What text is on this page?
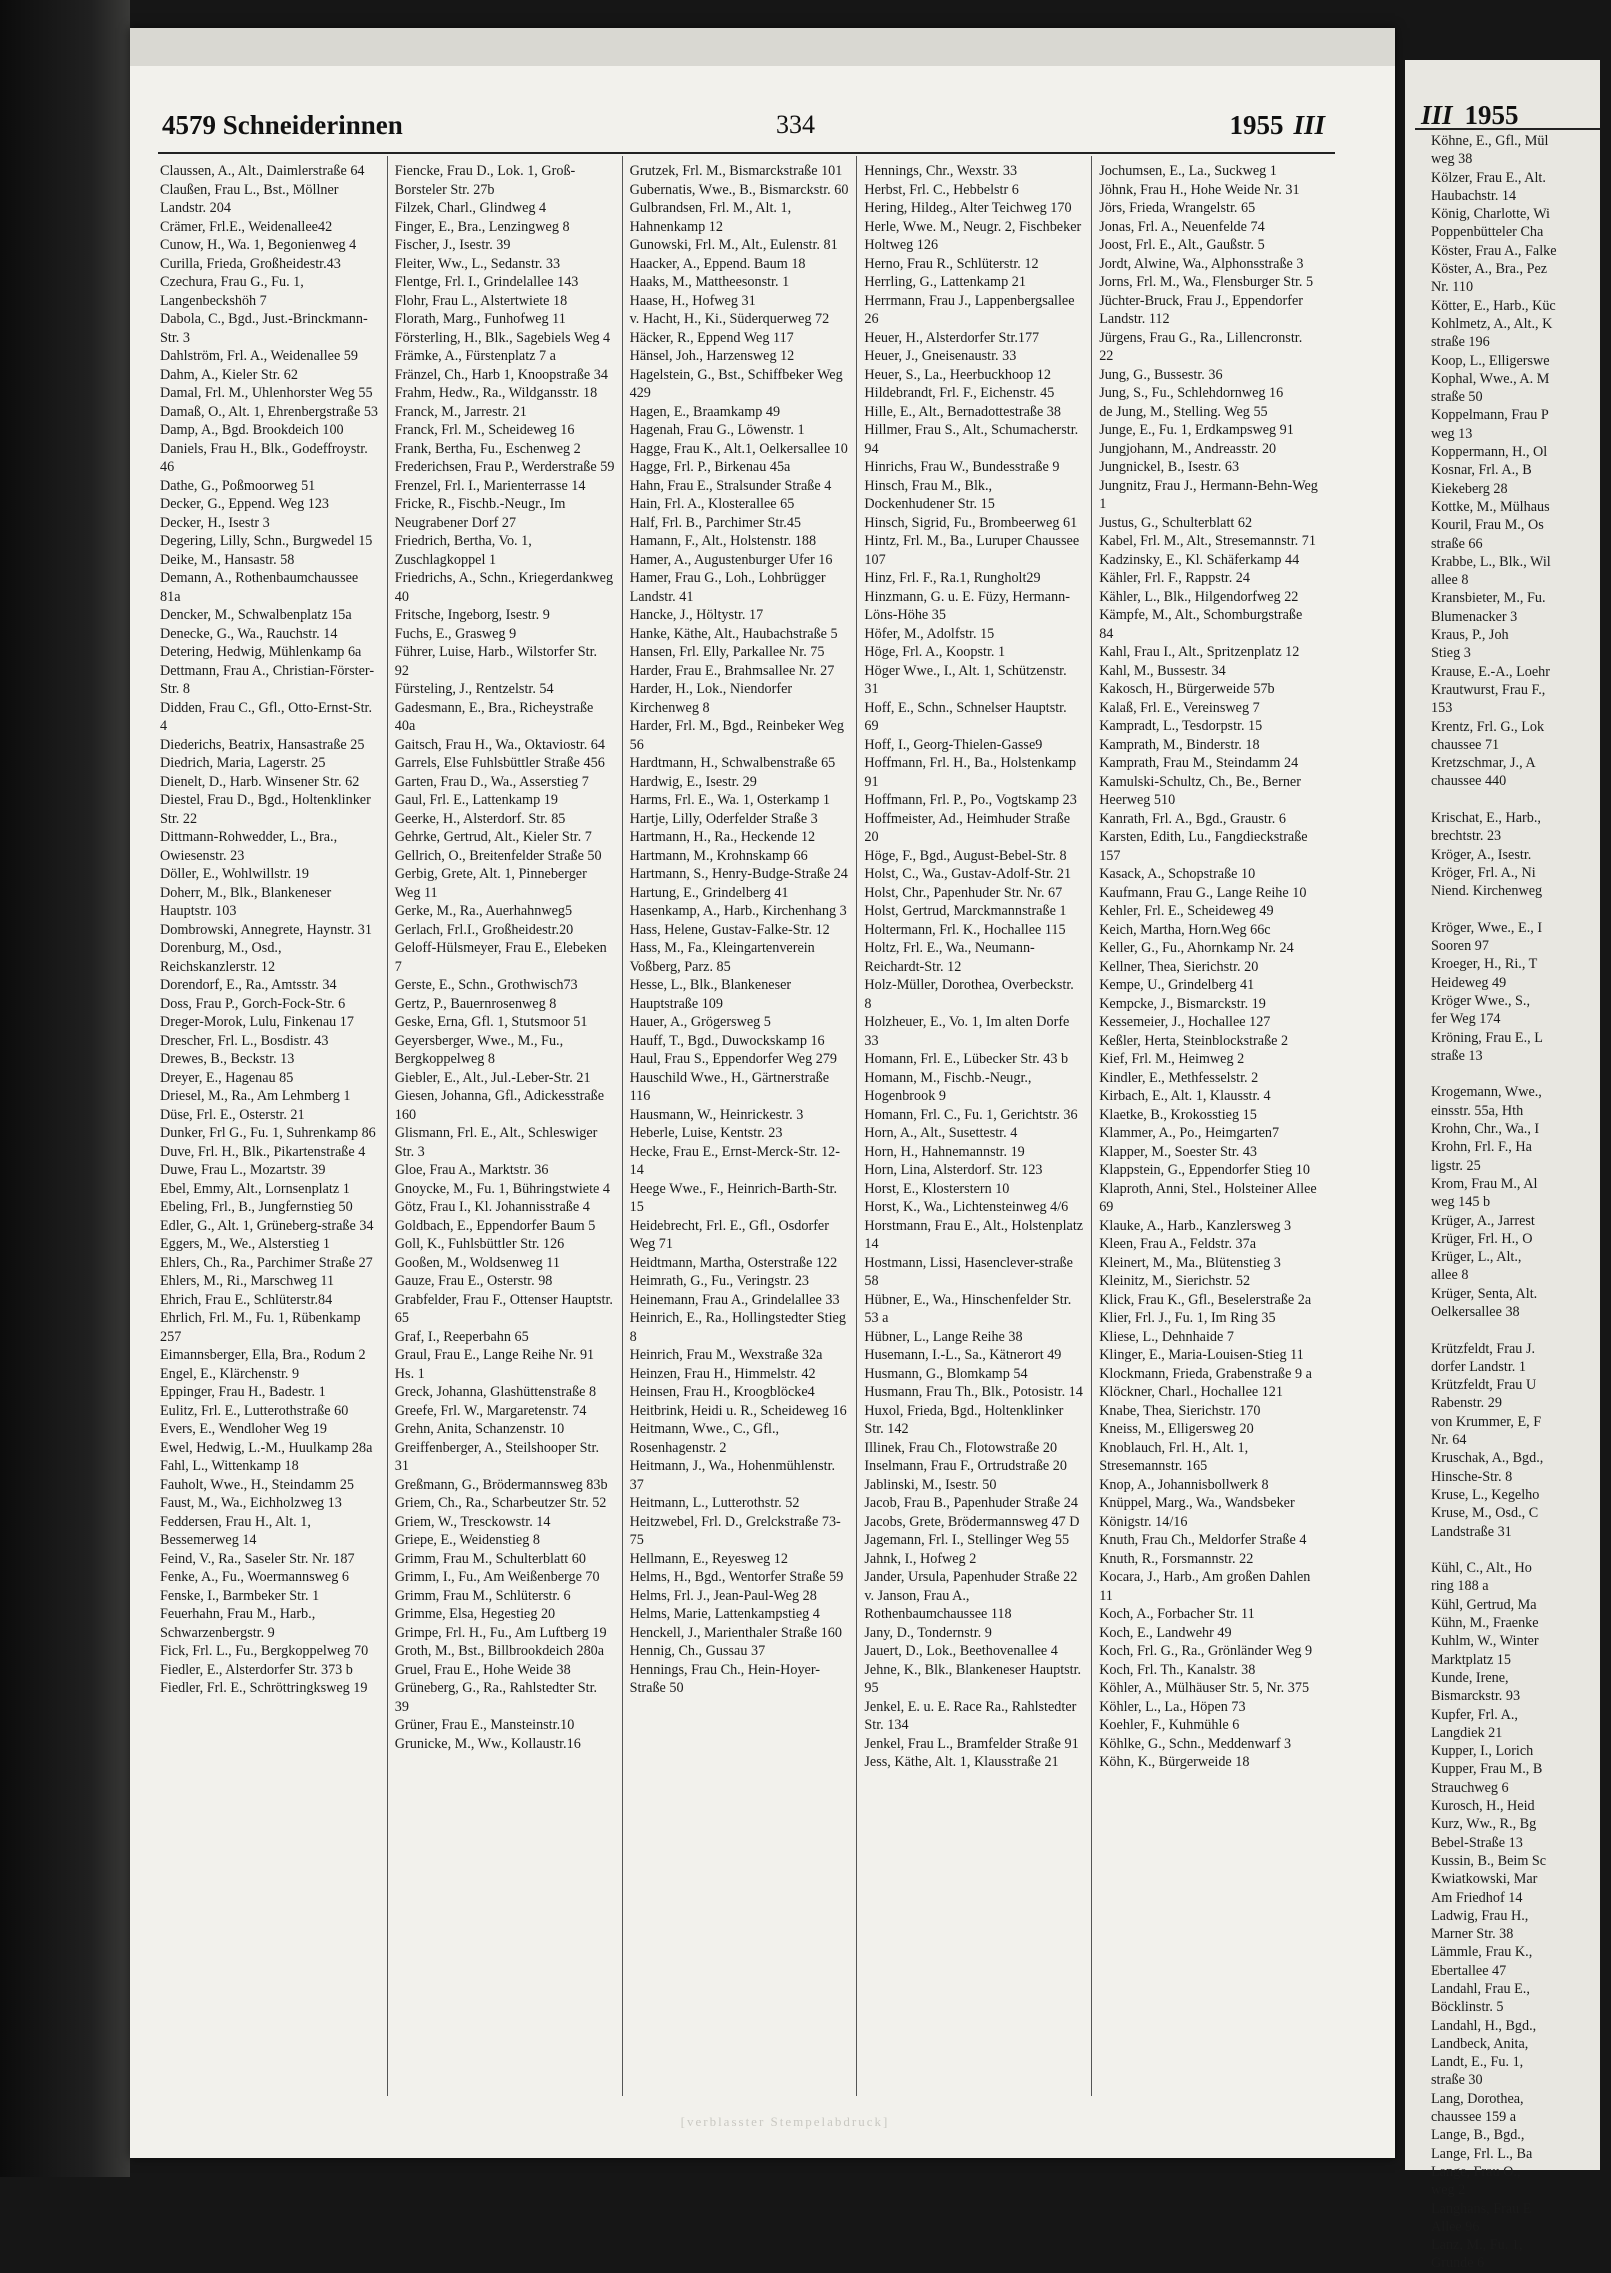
4579 Schneiderinnen	334	1955 III

Claussen, A., Alt., Daimlerstraße 64

Claußen, Frau L., Bst., Möllner Landstr. 204

Crämer, Frl.E., Weidenallee42

Cunow, H., Wa. 1, Begonienweg 4

Curilla, Frieda, Großheidestr.43

Czechura, Frau G., Fu. 1, Langenbeckshöh 7

Dabola, C., Bgd., Just.-Brinckmann-Str. 3

Dahlström, Frl. A., Weidenallee 59

Dahm, A., Kieler Str. 62

Damal, Frl. M., Uhlenhorster Weg 55

Damaß, O., Alt. 1, Ehrenbergstraße 53

Damp, A., Bgd. Brookdeich 100

Daniels, Frau H., Blk., Godeffroystr. 46

Dathe, G., Poßmoorweg 51

Decker, G., Eppend. Weg 123

Decker, H., Isestr 3

Degering, Lilly, Schn., Burgwedel 15

Deike, M., Hansastr. 58

Demann, A., Rothenbaumchaussee 81a

Dencker, M., Schwalbenplatz 15a

Denecke, G., Wa., Rauchstr. 14

Detering, Hedwig, Mühlenkamp 6a

Dettmann, Frau A., Christian-Förster-Str. 8

Didden, Frau C., Gfl., Otto-Ernst-Str. 4

Diederichs, Beatrix, Hansastraße 25

Diedrich, Maria, Lagerstr. 25

Dienelt, D., Harb. Winsener Str. 62

Diestel, Frau D., Bgd., Holtenklinker Str. 22

Dittmann-Rohwedder, L., Bra., Owiesenstr. 23

Döller, E., Wohlwillstr. 19

Doherr, M., Blk., Blankeneser Hauptstr. 103

Dombrowski, Annegrete, Haynstr. 31

Dorenburg, M., Osd., Reichskanzlerstr. 12

Dorendorf, E., Ra., Amtsstr. 34

Doss, Frau P., Gorch-Fock-Str. 6

Dreger-Morok, Lulu, Finkenau 17

Drescher, Frl. L., Bosdistr. 43

Drewes, B., Beckstr. 13

Dreyer, E., Hagenau 85

Driesel, M., Ra., Am Lehmberg 1

Düse, Frl. E., Osterstr. 21

Dunker, Frl G., Fu. 1, Suhrenkamp 86

Duve, Frl. H., Blk., Pikartenstraße 4

Duwe, Frau L., Mozartstr. 39

Ebel, Emmy, Alt., Lornsenplatz 1

Ebeling, Frl., B., Jungfernstieg 50

Edler, G., Alt. 1, Grüneberg-straße 34

Eggers, M., We., Alsterstieg 1

Ehlers, Ch., Ra., Parchimer Straße 27

Ehlers, M., Ri., Marschweg 11

Ehrich, Frau E., Schlüterstr.84

Ehrlich, Frl. M., Fu. 1, Rübenkamp 257

Eimannsberger, Ella, Bra., Rodum 2

Engel, E., Klärchenstr. 9

Eppinger, Frau H., Badestr. 1

Eulitz, Frl. E., Lutterothstraße 60

Evers, E., Wendloher Weg 19

Ewel, Hedwig, L.-M., Huulkamp 28a

Fahl, L., Wittenkamp 18

Fauholt, Wwe., H., Steindamm 25

Faust, M., Wa., Eichholzweg 13

Feddersen, Frau H., Alt. 1, Bessemerweg 14

Feind, V., Ra., Saseler Str. Nr. 187

Fenke, A., Fu., Woermannsweg 6

Fenske, I., Barmbeker Str. 1

Feuerhahn, Frau M., Harb., Schwarzenbergstr. 9

Fick, Frl. L., Fu., Bergkoppelweg 70

Fiedler, E., Alsterdorfer Str. 373 b

Fiedler, Frl. E., Schröttringksweg 19

Fiencke, Frau D., Lok. 1, Groß-Borsteler Str. 27b

Filzek, Charl., Glindweg 4

Finger, E., Bra., Lenzingweg 8

Fischer, J., Isestr. 39

Fleiter, Ww., L., Sedanstr. 33

Flentge, Frl. I., Grindelallee 143

Flohr, Frau L., Alstertwiete 18

Florath, Marg., Funhofweg 11

Försterling, H., Blk., Sagebiels Weg 4

Främke, A., Fürstenplatz 7 a

Fränzel, Ch., Harb 1, Knoopstraße 34

Frahm, Hedw., Ra., Wildgansstr. 18

Franck, M., Jarrestr. 21

Franck, Frl. M., Scheideweg 16

Frank, Bertha, Fu., Eschenweg 2

Frederichsen, Frau P., Werderstraße 59

Frenzel, Frl. I., Marienterrasse 14

Fricke, R., Fischb.-Neugr., Im Neugrabener Dorf 27

Friedrich, Bertha, Vo. 1, Zuschlagkoppel 1

Friedrichs, A., Schn., Kriegerdankweg 40

Fritsche, Ingeborg, Isestr. 9

Fuchs, E., Grasweg 9

Führer, Luise, Harb., Wilstorfer Str. 92

Fürsteling, J., Rentzelstr. 54

Gadesmann, E., Bra., Richeystraße 40a

Gaitsch, Frau H., Wa., Oktaviostr. 64

Garrels, Else Fuhlsbüttler Straße 456

Garten, Frau D., Wa., Asserstieg 7

Gaul, Frl. E., Lattenkamp 19

Geerke, H., Alsterdorf. Str. 85

Gehrke, Gertrud, Alt., Kieler Str. 7

Gellrich, O., Breitenfelder Straße 50

Gerbig, Grete, Alt. 1, Pinneberger Weg 11

Gerke, M., Ra., Auerhahnweg5

Gerlach, Frl.I., Großheidestr.20

Geloff-Hülsmeyer, Frau E., Elebeken 7

Gerste, E., Schn., Grothwisch73

Gertz, P., Bauernrosenweg 8

Geske, Erna, Gfl. 1, Stutsmoor 51

Geyersberger, Wwe., M., Fu., Bergkoppelweg 8

Giebler, E., Alt., Jul.-Leber-Str. 21

Giesen, Johanna, Gfl., Adickesstraße 160

Glismann, Frl. E., Alt., Schleswiger Str. 3

Gloe, Frau A., Marktstr. 36

Gnoycke, M., Fu. 1, Bühringstwiete 4

Götz, Frau I., Kl. Johannisstraße 4

Goldbach, E., Eppendorfer Baum 5

Goll, K., Fuhlsbüttler Str. 126

Gooßen, M., Woldsenweg 11

Gauze, Frau E., Osterstr. 98

Grabfelder, Frau F., Ottenser Hauptstr. 65

Graf, I., Reeperbahn 65

Graul, Frau E., Lange Reihe Nr. 91 Hs. 1

Greck, Johanna, Glashüttenstraße 8

Greefe, Frl. W., Margaretenstr. 74

Grehn, Anita, Schanzenstr. 10

Greiffenberger, A., Steilshooper Str. 31

Greßmann, G., Brödermannsweg 83b

Griem, Ch., Ra., Scharbeutzer Str. 52

Griem, W., Tresckowstr. 14

Griepe, E., Weidenstieg 8

Grimm, Frau M., Schulterblatt 60

Grimm, I., Fu., Am Weißenberge 70

Grimm, Frau M., Schlüterstr. 6

Grimme, Elsa, Hegestieg 20

Grimpe, Frl. H., Fu., Am Luftberg 19

Groth, M., Bst., Billbrookdeich 280a

Gruel, Frau E., Hohe Weide 38

Grüneberg, G., Ra., Rahlstedter Str. 39

Grüner, Frau E., Mansteinstr.10

Grunicke, M., Ww., Kollaustr.16

Grutzek, Frl. M., Bismarckstraße 101

Gubernatis, Wwe., B., Bismarckstr. 60

Gulbrandsen, Frl. M., Alt. 1, Hahnenkamp 12

Gunowski, Frl. M., Alt., Eulenstr. 81

Haacker, A., Eppend. Baum 18

Haaks, M., Mattheesonstr. 1

Haase, H., Hofweg 31

v. Hacht, H., Ki., Süderquerweg 72

Häcker, R., Eppend Weg 117

Hänsel, Joh., Harzensweg 12

Hagelstein, G., Bst., Schiffbeker Weg 429

Hagen, E., Braamkamp 49

Hagenah, Frau G., Löwenstr. 1

Hagge, Frau K., Alt.1, Oelkersallee 10

Hagge, Frl. P., Birkenau 45a

Hahn, Frau E., Stralsunder Straße 4

Hain, Frl. A., Klosterallee 65

Half, Frl. B., Parchimer Str.45

Hamann, F., Alt., Holstenstr. 188

Hamer, A., Augustenburger Ufer 16

Hamer, Frau G., Loh., Lohbrügger Landstr. 41

Hancke, J., Höltystr. 17

Hanke, Käthe, Alt., Haubachstraße 5

Hansen, Frl. Elly, Parkallee Nr. 75

Harder, Frau E., Brahmsallee Nr. 27

Harder, H., Lok., Niendorfer Kirchenweg 8

Harder, Frl. M., Bgd., Reinbeker Weg 56

Hardtmann, H., Schwalbenstraße 65

Hardwig, E., Isestr. 29

Harms, Frl. E., Wa. 1, Osterkamp 1

Hartje, Lilly, Oderfelder Straße 3

Hartmann, H., Ra., Heckende 12

Hartmann, M., Krohnskamp 66

Hartmann, S., Henry-Budge-Straße 24

Hartung, E., Grindelberg 41

Hasenkamp, A., Harb., Kirchenhang 3

Hass, Helene, Gustav-Falke-Str. 12

Hass, M., Fa., Kleingartenverein Voßberg, Parz. 85

Hesse, L., Blk., Blankeneser Hauptstraße 109

Hauer, A., Grögersweg 5

Hauff, T., Bgd., Duwockskamp 16

Haul, Frau S., Eppendorfer Weg 279

Hauschild Wwe., H., Gärtnerstraße 116

Hausmann, W., Heinrickestr. 3

Heberle, Luise, Kentstr. 23

Hecke, Frau E., Ernst-Merck-Str. 12-14

Heege Wwe., F., Heinrich-Barth-Str. 15

Heidebrecht, Frl. E., Gfl., Osdorfer Weg 71

Heidtmann, Martha, Osterstraße 122

Heimrath, G., Fu., Veringstr. 23

Heinemann, Frau A., Grindelallee 33

Heinrich, E., Ra., Hollingstedter Stieg 8

Heinrich, Frau M., Wexstraße 32a

Heinzen, Frau H., Himmelstr. 42

Heinsen, Frau H., Kroogblöcke4

Heitbrink, Heidi u. R., Scheideweg 16

Heitmann, Wwe., C., Gfl., Rosenhagenstr. 2

Heitmann, J., Wa., Hohenmühlenstr. 37

Heitmann, L., Lutterothstr. 52

Heitzwebel, Frl. D., Grelckstraße 73-75

Hellmann, E., Reyesweg 12

Helms, H., Bgd., Wentorfer Straße 59

Helms, Frl. J., Jean-Paul-Weg 28

Helms, Marie, Lattenkampstieg 4

Henckell, J., Marienthaler Straße 160

Hennig, Ch., Gussau 37

Hennings, Frau Ch., Hein-Hoyer-Straße 50

Hennings, Chr., Wexstr. 33

Herbst, Frl. C., Hebbelstr 6

Hering, Hildeg., Alter Teichweg 170

Herle, Wwe. M., Neugr. 2, Fischbeker Holtweg 126

Herno, Frau R., Schlüterstr. 12

Herrling, G., Lattenkamp 21

Herrmann, Frau J., Lappenbergsallee 26

Heuer, H., Alsterdorfer Str.177

Heuer, J., Gneisenaustr. 33

Heuer, S., La., Heerbuckhoop 12

Hildebrandt, Frl. F., Eichenstr. 45

Hille, E., Alt., Bernadottestraße 38

Hillmer, Frau S., Alt., Schumacherstr. 94

Hinrichs, Frau W., Bundesstraße 9

Hinsch, Frau M., Blk., Dockenhudener Str. 15

Hinsch, Sigrid, Fu., Brombeerweg 61

Hintz, Frl. M., Ba., Luruper Chaussee 107

Hinz, Frl. F., Ra.1, Rungholt29

Hinzmann, G. u. E. Füzy, Hermann-Löns-Höhe 35

Höfer, M., Adolfstr. 15

Höge, Frl. A., Koopstr. 1

Höger Wwe., I., Alt. 1, Schützenstr. 31

Hoff, E., Schn., Schnelser Hauptstr. 69

Hoff, I., Georg-Thielen-Gasse9

Hoffmann, Frl. H., Ba., Holstenkamp 91

Hoffmann, Frl. P., Po., Vogtskamp 23

Hoffmeister, Ad., Heimhuder Straße 20

Höge, F., Bgd., August-Bebel-Str. 8

Holst, C., Wa., Gustav-Adolf-Str. 21

Holst, Chr., Papenhuder Str. Nr. 67

Holst, Gertrud, Marckmannstraße 1

Holtermann, Frl. K., Hochallee 115

Holtz, Frl. E., Wa., Neumann-Reichardt-Str. 12

Holz-Müller, Dorothea, Overbeckstr. 8

Holzheuer, E., Vo. 1, Im alten Dorfe 33

Homann, Frl. E., Lübecker Str. 43 b

Homann, M., Fischb.-Neugr., Hogenbrook 9

Homann, Frl. C., Fu. 1, Gerichtstr. 36

Horn, A., Alt., Susettestr. 4

Horn, H., Hahnemannstr. 19

Horn, Lina, Alsterdorf. Str. 123

Horst, E., Klosterstern 10

Horst, K., Wa., Lichtensteinweg 4/6

Horstmann, Frau E., Alt., Holstenplatz 14

Hostmann, Lissi, Hasenclever-straße 58

Hübner, E., Wa., Hinschenfelder Str. 53 a

Hübner, L., Lange Reihe 38

Husemann, I.-L., Sa., Kätnerort 49

Husmann, G., Blomkamp 54

Husmann, Frau Th., Blk., Potosistr. 14

Huxol, Frieda, Bgd., Holtenklinker Str. 142

Illinek, Frau Ch., Flotowstraße 20

Inselmann, Frau F., Ortrudstraße 20

Jablinski, M., Isestr. 50

Jacob, Frau B., Papenhuder Straße 24

Jacobs, Grete, Brödermannsweg 47 D

Jagemann, Frl. I., Stellinger Weg 55

Jahnk, I., Hofweg 2

Jander, Ursula, Papenhuder Straße 22

v. Janson, Frau A., Rothenbaumchaussee 118

Jany, D., Tondernstr. 9

Jauert, D., Lok., Beethovenallee 4

Jehne, K., Blk., Blankeneser Hauptstr. 95

Jenkel, E. u. E. Race Ra., Rahlstedter Str. 134

Jenkel, Frau L., Bramfelder Straße 91

Jess, Käthe, Alt. 1, Klausstraße 21

Jochumsen, E., La., Suckweg 1

Jöhnk, Frau H., Hohe Weide Nr. 31

Jörs, Frieda, Wrangelstr. 65

Jonas, Frl. A., Neuenfelde 74

Joost, Frl. E., Alt., Gaußstr. 5

Jordt, Alwine, Wa., Alphonsstraße 3

Jorns, Frl. M., Wa., Flensburger Str. 5

Jüchter-Bruck, Frau J., Eppendorfer Landstr. 112

Jürgens, Frau G., Ra., Lillencronstr. 22

Jung, G., Bussestr. 36

Jung, S., Fu., Schlehdornweg 16

de Jung, M., Stelling. Weg 55

Junge, E., Fu. 1, Erdkampsweg 91

Jungjohann, M., Andreasstr. 20

Jungnickel, B., Isestr. 63

Jungnitz, Frau J., Hermann-Behn-Weg 1

Justus, G., Schulterblatt 62

Kabel, Frl. M., Alt., Stresemannstr. 71

Kadzinsky, E., Kl. Schäferkamp 44

Kähler, Frl. F., Rappstr. 24

Kähler, L., Blk., Hilgendorfweg 22

Kämpfe, M., Alt., Schomburgstraße 84

Kahl, Frau I., Alt., Spritzenplatz 12

Kahl, M., Bussestr. 34

Kakosch, H., Bürgerweide 57b

Kalaß, Frl. E., Vereinsweg 7

Kampradt, L., Tesdorpstr. 15

Kamprath, M., Binderstr. 18

Kamprath, Frau M., Steindamm 24

Kamulski-Schultz, Ch., Be., Berner Heerweg 510

Kanrath, Frl. A., Bgd., Graustr. 6

Karsten, Edith, Lu., Fangdieckstraße 157

Kasack, A., Schopstraße 10

Kaufmann, Frau G., Lange Reihe 10

Kehler, Frl. E., Scheideweg 49

Keich, Martha, Horn.Weg 66c

Keller, G., Fu., Ahornkamp Nr. 24

Kellner, Thea, Sierichstr. 20

Kempe, U., Grindelberg 41

Kempcke, J., Bismarckstr. 19

Kessemeier, J., Hochallee 127

Keßler, Herta, Steinblockstraße 2

Kief, Frl. M., Heimweg 2

Kindler, E., Methfesselstr. 2

Kirbach, E., Alt. 1, Klausstr. 4

Klaetke, B., Krokosstieg 15

Klammer, A., Po., Heimgarten7

Klapper, M., Soester Str. 43

Klappstein, G., Eppendorfer Stieg 10

Klaproth, Anni, Stel., Holsteiner Allee 69

Klauke, A., Harb., Kanzlersweg 3

Kleen, Frau A., Feldstr. 37a

Kleinert, M., Ma., Blütenstieg 3

Kleinitz, M., Sierichstr. 52

Klick, Frau K., Gfl., Beselerstraße 2a

Klier, Frl. J., Fu. 1, Im Ring 35

Kliese, L., Dehnhaide 7

Klinger, E., Maria-Louisen-Stieg 11

Klockmann, Frieda, Grabenstraße 9 a

Klöckner, Charl., Hochallee 121

Knabe, Thea, Sierichstr. 170

Kneiss, M., Elligersweg 20

Knoblauch, Frl. H., Alt. 1, Stresemannstr. 165

Knop, A., Johannisbollwerk 8

Knüppel, Marg., Wa., Wandsbeker Königstr. 14/16

Knuth, Frau Ch., Meldorfer Straße 4

Knuth, R., Forsmannstr. 22

Kocara, J., Harb., Am großen Dahlen 11

Koch, A., Forbacher Str. 11

Koch, E., Landwehr 49

Koch, Frl. G., Ra., Grönländer Weg 9

Koch, Frl. Th., Kanalstr. 38

Köhler, A., Mülhäuser Str. 5, Nr. 375

Köhler, L., La., Höpen 73

Koehler, F., Kuhmühle 6

Köhlke, G., Schn., Meddenwarf 3

Köhn, K., Bürgerweide 18

[verblasster Stempelabdruck]
III 1955

Köhne, E., Gfl., Mül

weg 38

Kölzer, Frau E., Alt.

Haubachstr. 14

König, Charlotte, Wi

Poppenbütteler Cha

Köster, Frau A., Falke

Köster, A., Bra., Pez

Nr. 110

Kötter, E., Harb., Küc

Kohlmetz, A., Alt., K

straße 196

Koop, L., Elligerswe

Kophal, Wwe., A. M

straße 50

Koppelmann, Frau P

weg 13

Koppermann, H., Ol

Kosnar, Frl. A., B

Kiekeberg 28

Kottke, M., Mülhaus

Kouril, Frau M., Os

straße 66

Krabbe, L., Blk., Wil

allee 8

Kransbieter, M., Fu.

Blumenacker 3

Kraus, P., Joh

Stieg 3

Krause, E.-A., Loehr

Krautwurst, Frau F.,

153

Krentz, Frl. G., Lok

chaussee 71

Kretzschmar, J., A

chaussee 440

Krischat, E., Harb.,

brechtstr. 23

Kröger, A., Isestr.

Kröger, Frl. A., Ni

Niend. Kirchenweg

Kröger, Wwe., E., I

Sooren 97

Kroeger, H., Ri., T

Heideweg 49

Kröger Wwe., S.,

fer Weg 174

Kröning, Frau E., L

straße 13

Krogemann, Wwe.,

einsstr. 55a, Hth

Krohn, Chr., Wa., I

Krohn, Frl. F., Ha

ligstr. 25

Krom, Frau M., Al

weg 145 b

Krüger, A., Jarrest

Krüger, Frl. H., O

Krüger, L., Alt.,

allee 8

Krüger, Senta, Alt.

Oelkersallee 38

Krützfeldt, Frau J.

dorfer Landstr. 1

Krützfeldt, Frau U

Rabenstr. 29

von Krummer, E, F

Nr. 64

Kruschak, A., Bgd.,

Hinsche-Str. 8

Kruse, L., Kegelho

Kruse, M., Osd., C

Landstraße 31

Kühl, C., Alt., Ho

ring 188 a

Kühl, Gertrud, Ma

Kühn, M., Fraenke

Kuhlm, W., Winter

Marktplatz 15

Kunde, Irene,

Bismarckstr. 93

Kupfer, Frl. A.,

Langdiek 21

Kupper, I., Lorich

Kupper, Frau M., B

Strauchweg 6

Kurosch, H., Heid

Kurz, Ww., R., Bg

Bebel-Straße 13

Kussin, B., Beim Sc

Kwiatkowski, Mar

Am Friedhof 14

Ladwig, Frau H.,

Marner Str. 38

Lämmle, Frau K.,

Ebertallee 47

Landahl, Frau E.,

Böcklinstr. 5

Landahl, H., Bgd.,

Landbeck, Anita,

Landt, E., Fu. 1,

straße 30

Lang, Dorothea,

chaussee 159 a

Lange, B., Bgd.,

Lange, Frl. L., Ba

Lange, Frau O.,

weg 2

Langhans, Frau E

Allee 96

Lanz, M., Fu. 1,

Grunde 6
